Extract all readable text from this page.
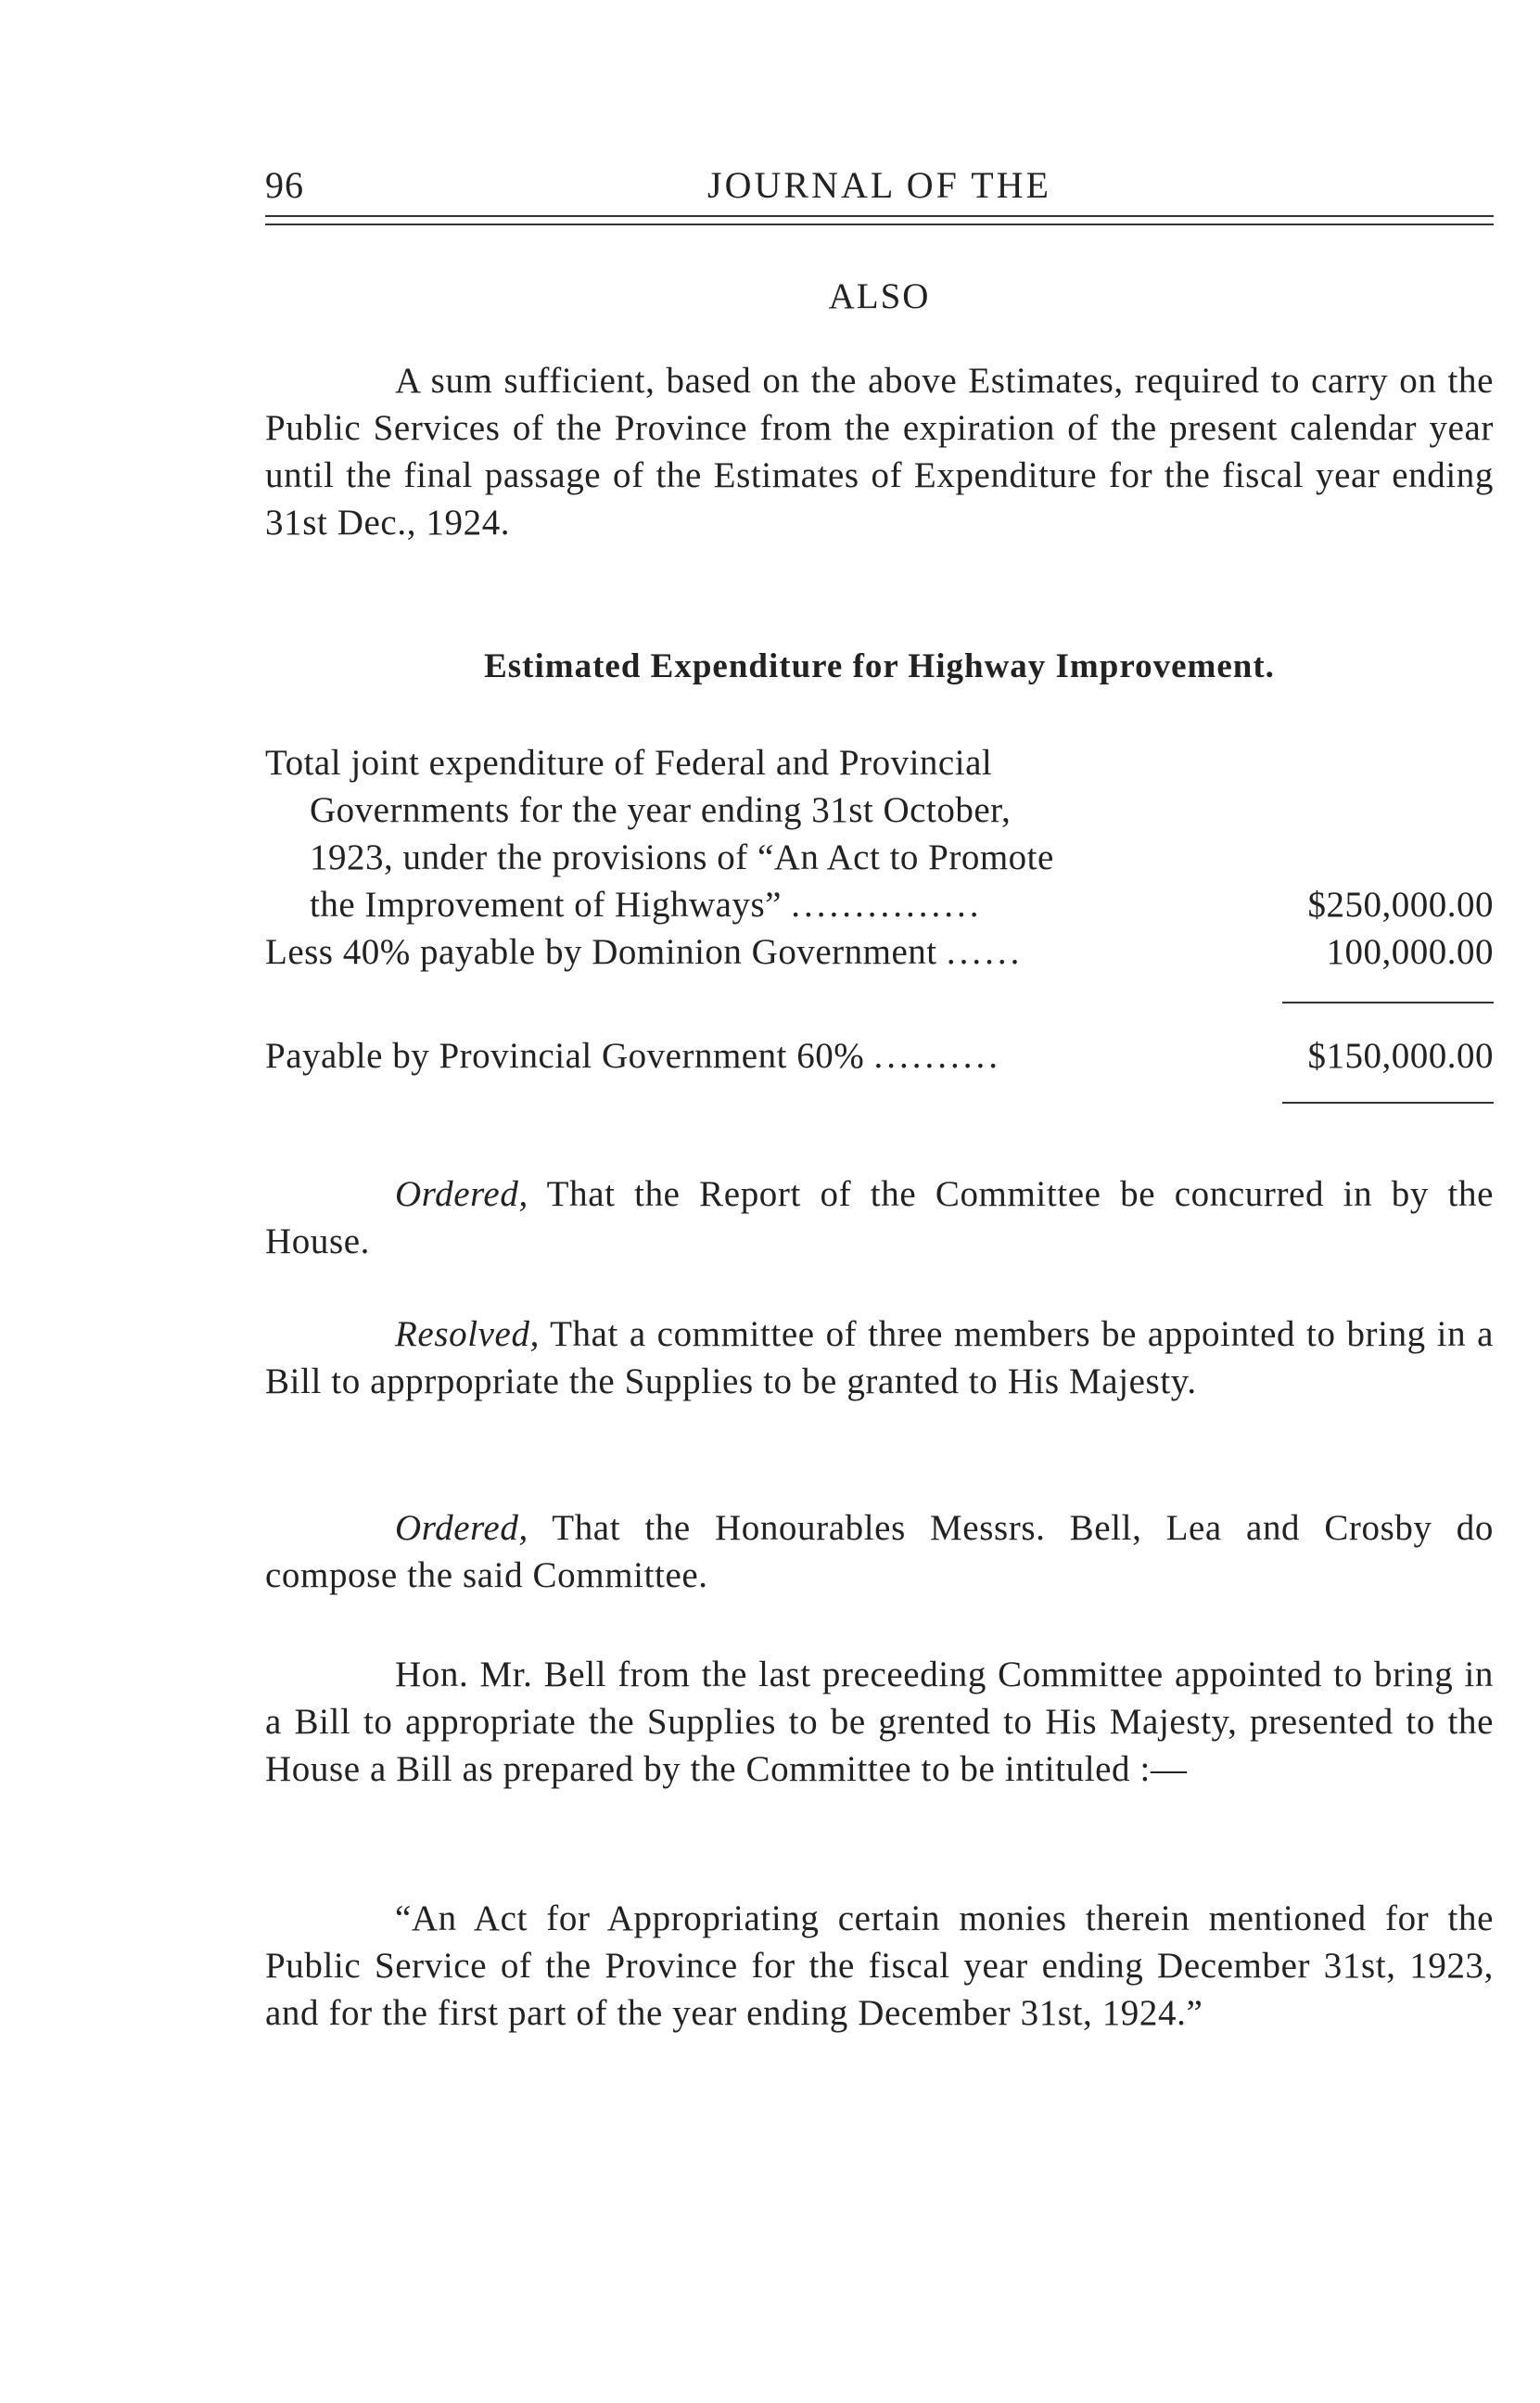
96	JOURNAL OF THE
ALSO
A sum sufficient, based on the above Estimates, required to carry on the Public Services of the Province from the expiration of the present calendar year until the final passage of the Estimates of Expenditure for the fiscal year ending 31st Dec., 1924.
Estimated Expenditure for Highway Improvement.
Total joint expenditure of Federal and Provincial
Governments for the year ending 31st October,
1923, under the provisions of “An Act to Promote
the Improvement of Highways” ...............	$250,000.00
Less 40% payable by Dominion Government ......	100,000.00
Payable by Provincial Government 60% ..........	$150,000.00
Ordered, That the Report of the Committee be concurred in by the House.
Resolved, That a committee of three members be appointed to bring in a Bill to apprpopriate the Supplies to be granted to His Majesty.
Ordered, That the Honourables Messrs. Bell, Lea and Crosby do compose the said Committee.
Hon. Mr. Bell from the last preceeding Committee appointed to bring in a Bill to appropriate the Supplies to be grented to His Majesty, presented to the House a Bill as prepared by the Committee to be intituled :—
“An Act for Appropriating certain monies therein mentioned for the Public Service of the Province for the fiscal year ending December 31st, 1923, and for the first part of the year ending December 31st, 1924.”
